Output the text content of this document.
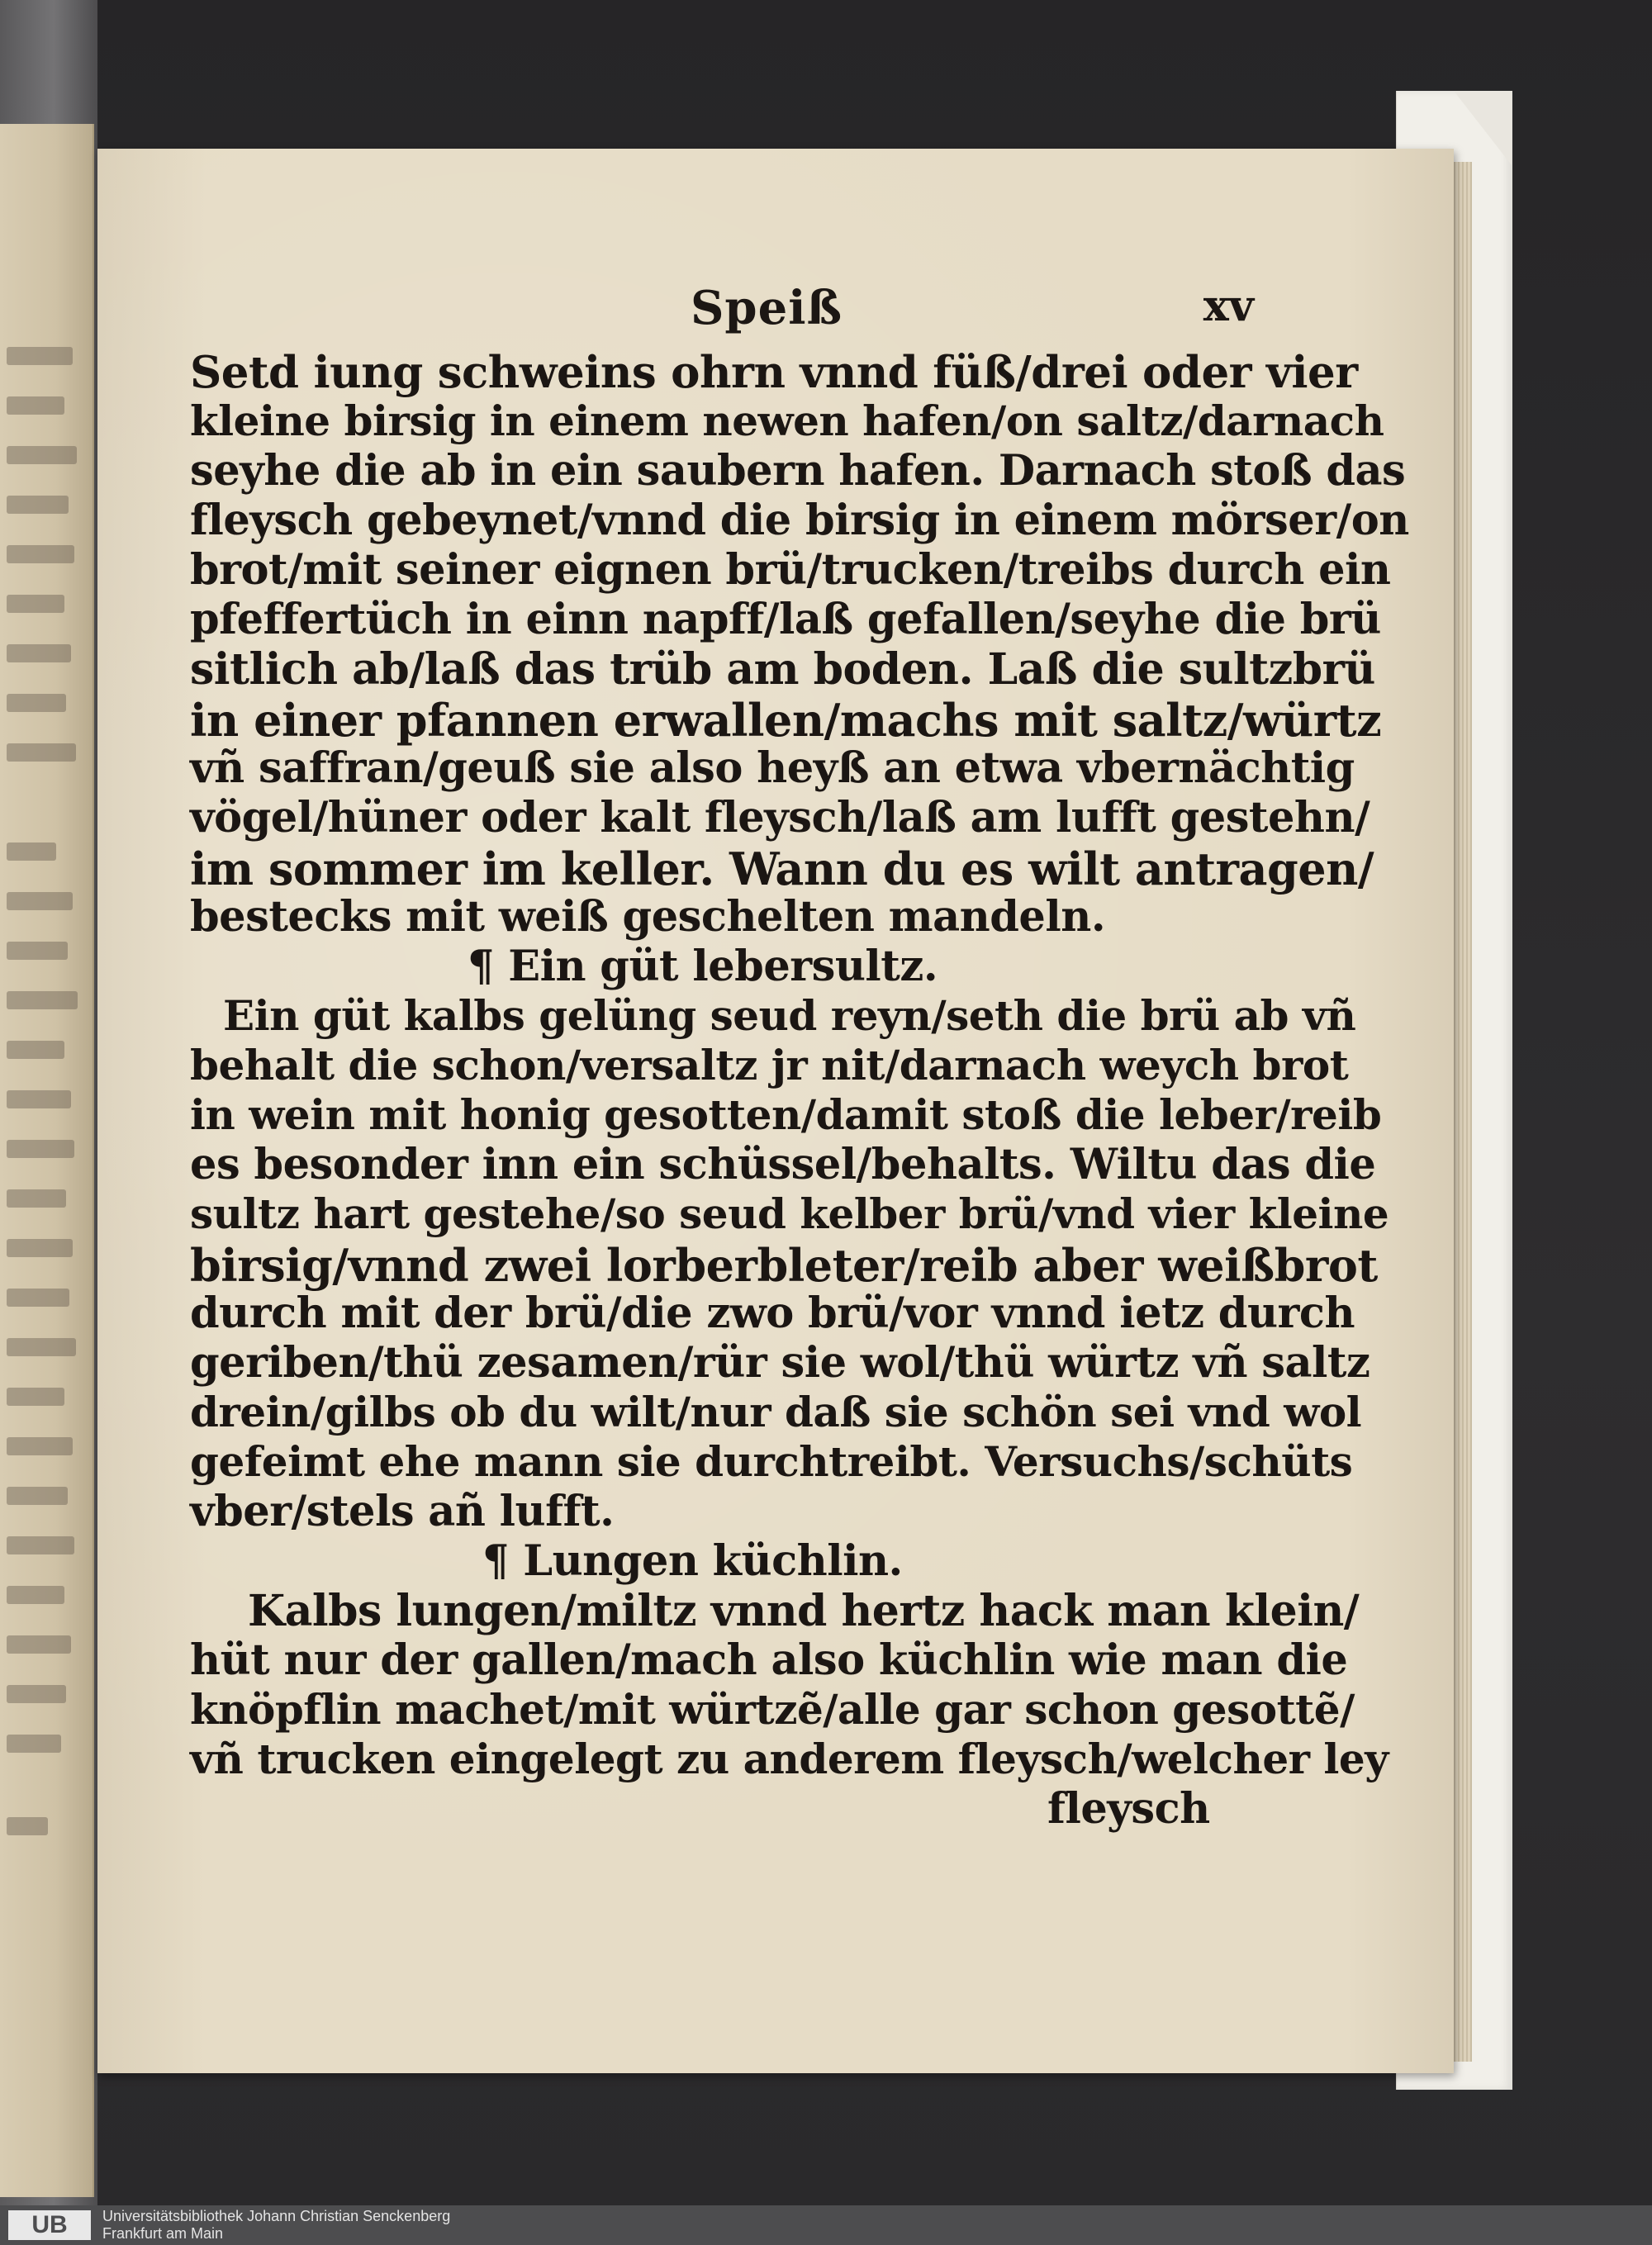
Speiß	xv
Setd iung schweins ohrn vnnd füß/drei oder vier
kleine birsig in einem newen hafen/on saltz/darnach
seyhe die ab in ein saubern hafen. Darnach stoß das
fleysch gebeynet/vnnd die birsig in einem mörser/on
brot/mit seiner eignen brü/trucken/treibs durch ein
pfeffertüch in einn napff/laß gefallen/seyhe die brü
sitlich ab/laß das trüb am boden. Laß die sultzbrü
in einer pfannen erwallen/machs mit saltz/würtz
vñ saffran/geuß sie also heyß an etwa vbernächtig
vögel/hüner oder kalt fleysch/laß am lufft gestehn/
im sommer im keller. Wann du es wilt antragen/
bestecks mit weiß geschelten mandeln.
¶ Ein güt lebersultz.
Ein güt kalbs gelüng seud reyn/seth die brü ab vñ
behalt die schon/versaltz jr nit/darnach weych brot
in wein mit honig gesotten/damit stoß die leber/reib
es besonder inn ein schüssel/behalts. Wiltu das die
sultz hart gestehe/so seud kelber brü/vnd vier kleine
birsig/vnnd zwei lorberbleter/reib aber weißbrot
durch mit der brü/die zwo brü/vor vnnd ietz durch
geriben/thü zesamen/rür sie wol/thü würtz vñ saltz
drein/gilbs ob du wilt/nur daß sie schön sei vnd wol
gefeimt ehe mann sie durchtreibt. Versuchs/schüts
vber/stels añ lufft.
¶ Lungen küchlin.
Kalbs lungen/miltz vnnd hertz hack man klein/
hüt nur der gallen/mach also küchlin wie man die
knöpflin machet/mit würtzẽ/alle gar schon gesottẽ/
vñ trucken eingelegt zu anderem fleysch/welcher ley
fleysch
UB	Universitätsbibliothek Johann Christian Senckenberg
Frankfurt am Main
